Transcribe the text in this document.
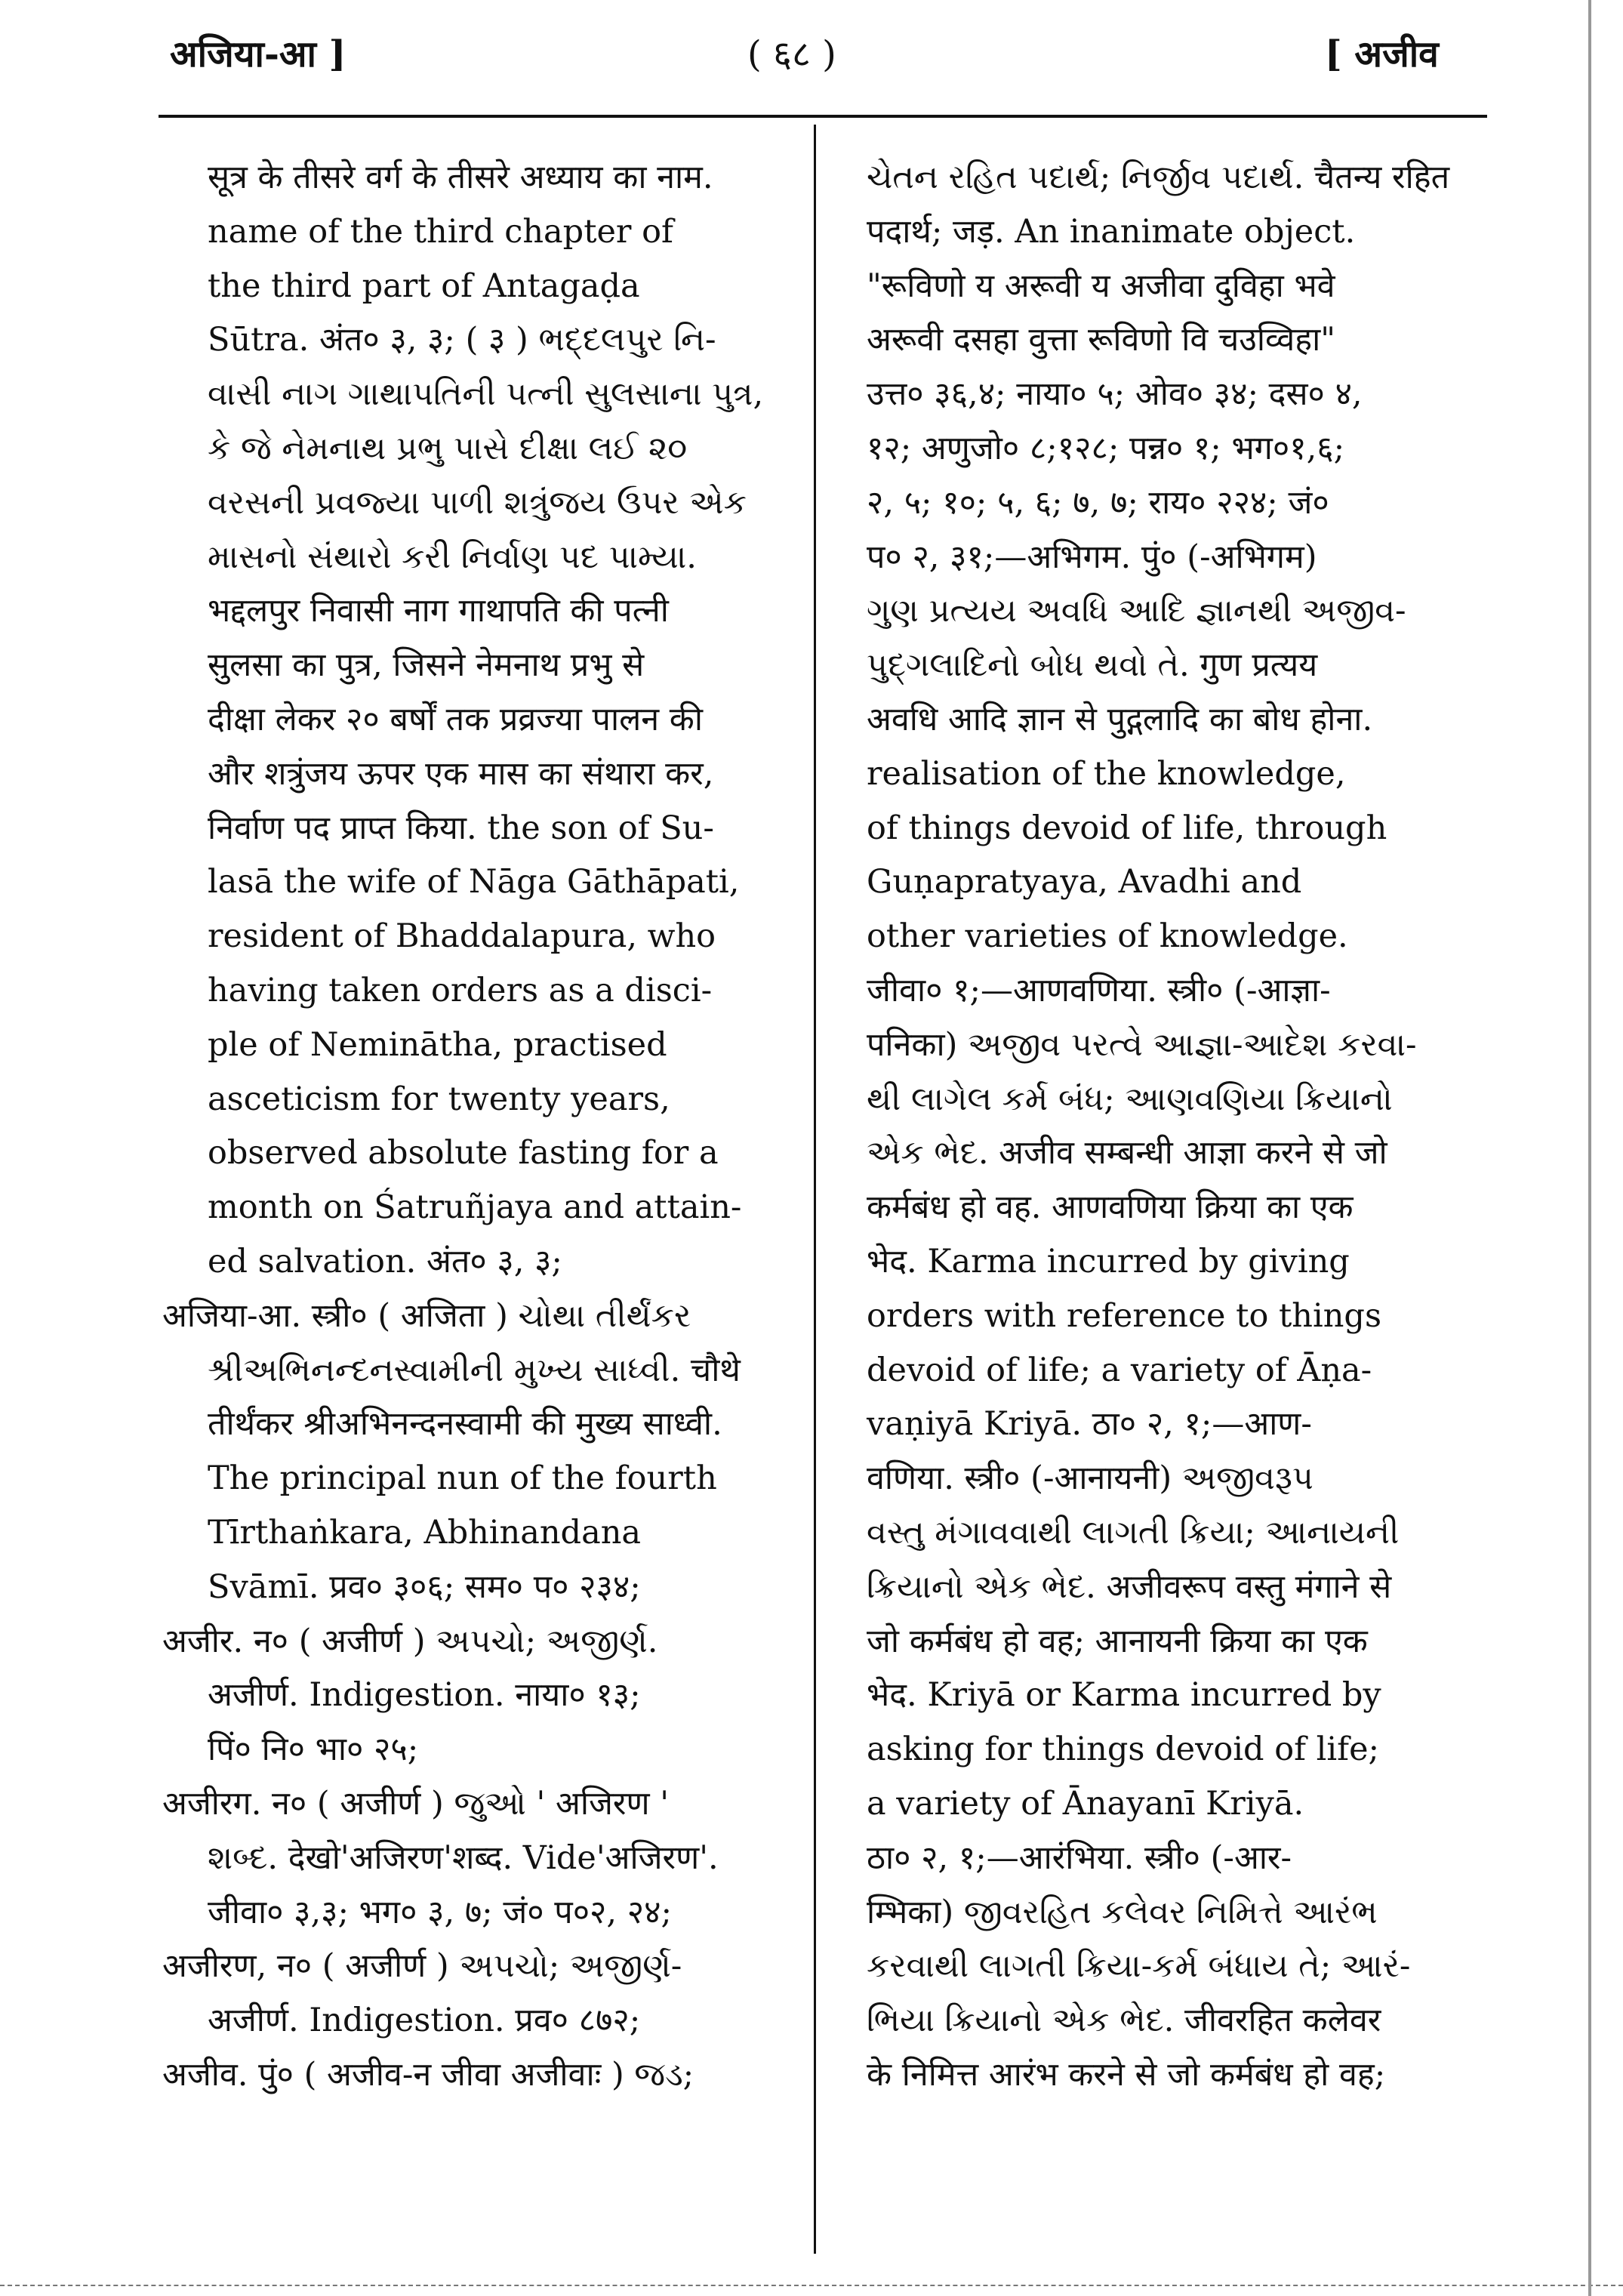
अजिया-आ ]	( ६८ )	[ अजीव

सूत्र के तीसरे वर्ग के तीसरे अध्याय का नाम.

name of the third chapter of

the third part of Antagaḍa

Sūtra. अंत० ३, ३; ( ३ ) ભદ્દલપુર નિ-

વાસી નાગ ગાથાપતિની પત્ની સુલસાના પુત્ર,

કે જે નેમનાથ પ્રભુ પાસે દીક્ષા લઈ ૨૦

વરસની પ્રવજ્યા પાળી શત્રુંજય ઉપર એક

માસનો સંથારો કરી નિર્વાણ પદ પામ્યા.

भद्दलपुर निवासी नाग गाथापति की पत्नी

सुलसा का पुत्र, जिसने नेमनाथ प्रभु से

दीक्षा लेकर २० बर्षों तक प्रव्रज्या पालन की

और शत्रुंजय ऊपर एक मास का संथारा कर,

निर्वाण पद प्राप्त किया. the son of Su-

lasā the wife of Nāga Gāthāpati,

resident of Bhaddalapura, who

having taken orders as a disci-

ple of Nemināthа, practised

asceticism for twenty years,

observed absolute fasting for a

month on Śatruñjaya and attain-

ed salvation. अंत० ३, ३;

अजिया-आ. स्त्री० ( अजिता ) ચોથા તીર્થંકર

શ્રીઅભિનન્દનસ્વામીની મુખ્ય સાધ્વી. चौथे

तीर्थंकर श्रीअभिनन्दनस्वामी की मुख्य साध्वी.

The principal nun of the fourth

Tīrthaṅkara, Abhinandana

Svāmī. प्रव० ३०६; सम० प० २३४;

अजीर. न० ( अजीर्ण ) અપચો; અજીર્ણ.

अजीर्ण. Indigestion. नाया० १३;

पिं० नि० भा० २५;

अजीरग. न० ( अजीर्ण ) જુઓ ' अजिरण '

શબ્દ. देखो'अजिरण'शब्द. Vide'अजिरण'.

जीवा० ३,३; भग० ३, ७; जं० प०२, २४;

अजीरण, न० ( अजीर्ण ) અપચો; અજીર્ણ-

अजीर्ण. Indigestion. प्रव० ८७२;

अजीव. पुं० ( अजीव-न जीवा अजीवाः ) જડ;

ચેતન રહિત પદાર્થ; નિર્જીવ પદાર્થ. चैतन्य रहित

पदार्थ; जड़. An inanimate object.

"रूविणो य अरूवी य अजीवा दुविहा भवे

अरूवी दसहा वुत्ता रूविणो वि चउव्विहा"

उत्त० ३६,४; नाया० ५; ओव० ३४; दस० ४,

१२; अणुजो० ८;१२८; पन्न० १; भग०१,६;

२, ५; १०; ५, ६; ७, ७; राय० २२४; जं०

प० २, ३१;—अभिगम. पुं० (-अभिगम)

ગુણ પ્રત્યય અવધિ આદિ જ્ઞાનથી અજીવ-

પુદ્ગલાદિનો બોધ થવો તે. गुण प्रत्यय

अवधि आदि ज्ञान से पुद्गलादि का बोध होना.

realisation of the knowledge,

of things devoid of life, through

Guṇapratyaya, Avadhi and

other varieties of knowledge.

जीवा० १;—आणवणिया. स्त्री० (-आज्ञा-

पनिका) અજીવ પરત્વે આજ્ઞા-આદેશ કરવા-

થી લાગેલ કર્મ બંધ; આણવણિયા ક્રિયાનો

એક ભેદ. अजीव सम्बन्धी आज्ञा करने से जो

कर्मबंध हो वह. आणवणिया क्रिया का एक

भेद. Karma incurred by giving

orders with reference to things

devoid of life; a variety of Āṇa-

vaṇiyā Kriyā. ठा० २, १;—आण-

वणिया. स्त्री० (-आनायनी) અજીવરૂપ

વસ્તુ મંગાવવાથી લાગતી ક્રિયા; આનાયની

ક્રિયાનો એક ભેદ. अजीवरूप वस्तु मंगाने से

जो कर्मबंध हो वह; आनायनी क्रिया का एक

भेद. Kriyā or Karma incurred by

asking for things devoid of life;

a variety of Ānayanī Kriyā.

ठा० २, १;—आरंभिया. स्त्री० (-आर-

म्भिका) જીવરહિત કલેવર નિમિત્તે આરંભ

કરવાથી લાગતી ક્રિયા-કર્મ બંધાય તે; આરં-

ભિયા ક્રિયાનો એક ભેદ. जीवरहित कलेवर

के निमित्त आरंभ करने से जो कर्मबंध हो वह;
